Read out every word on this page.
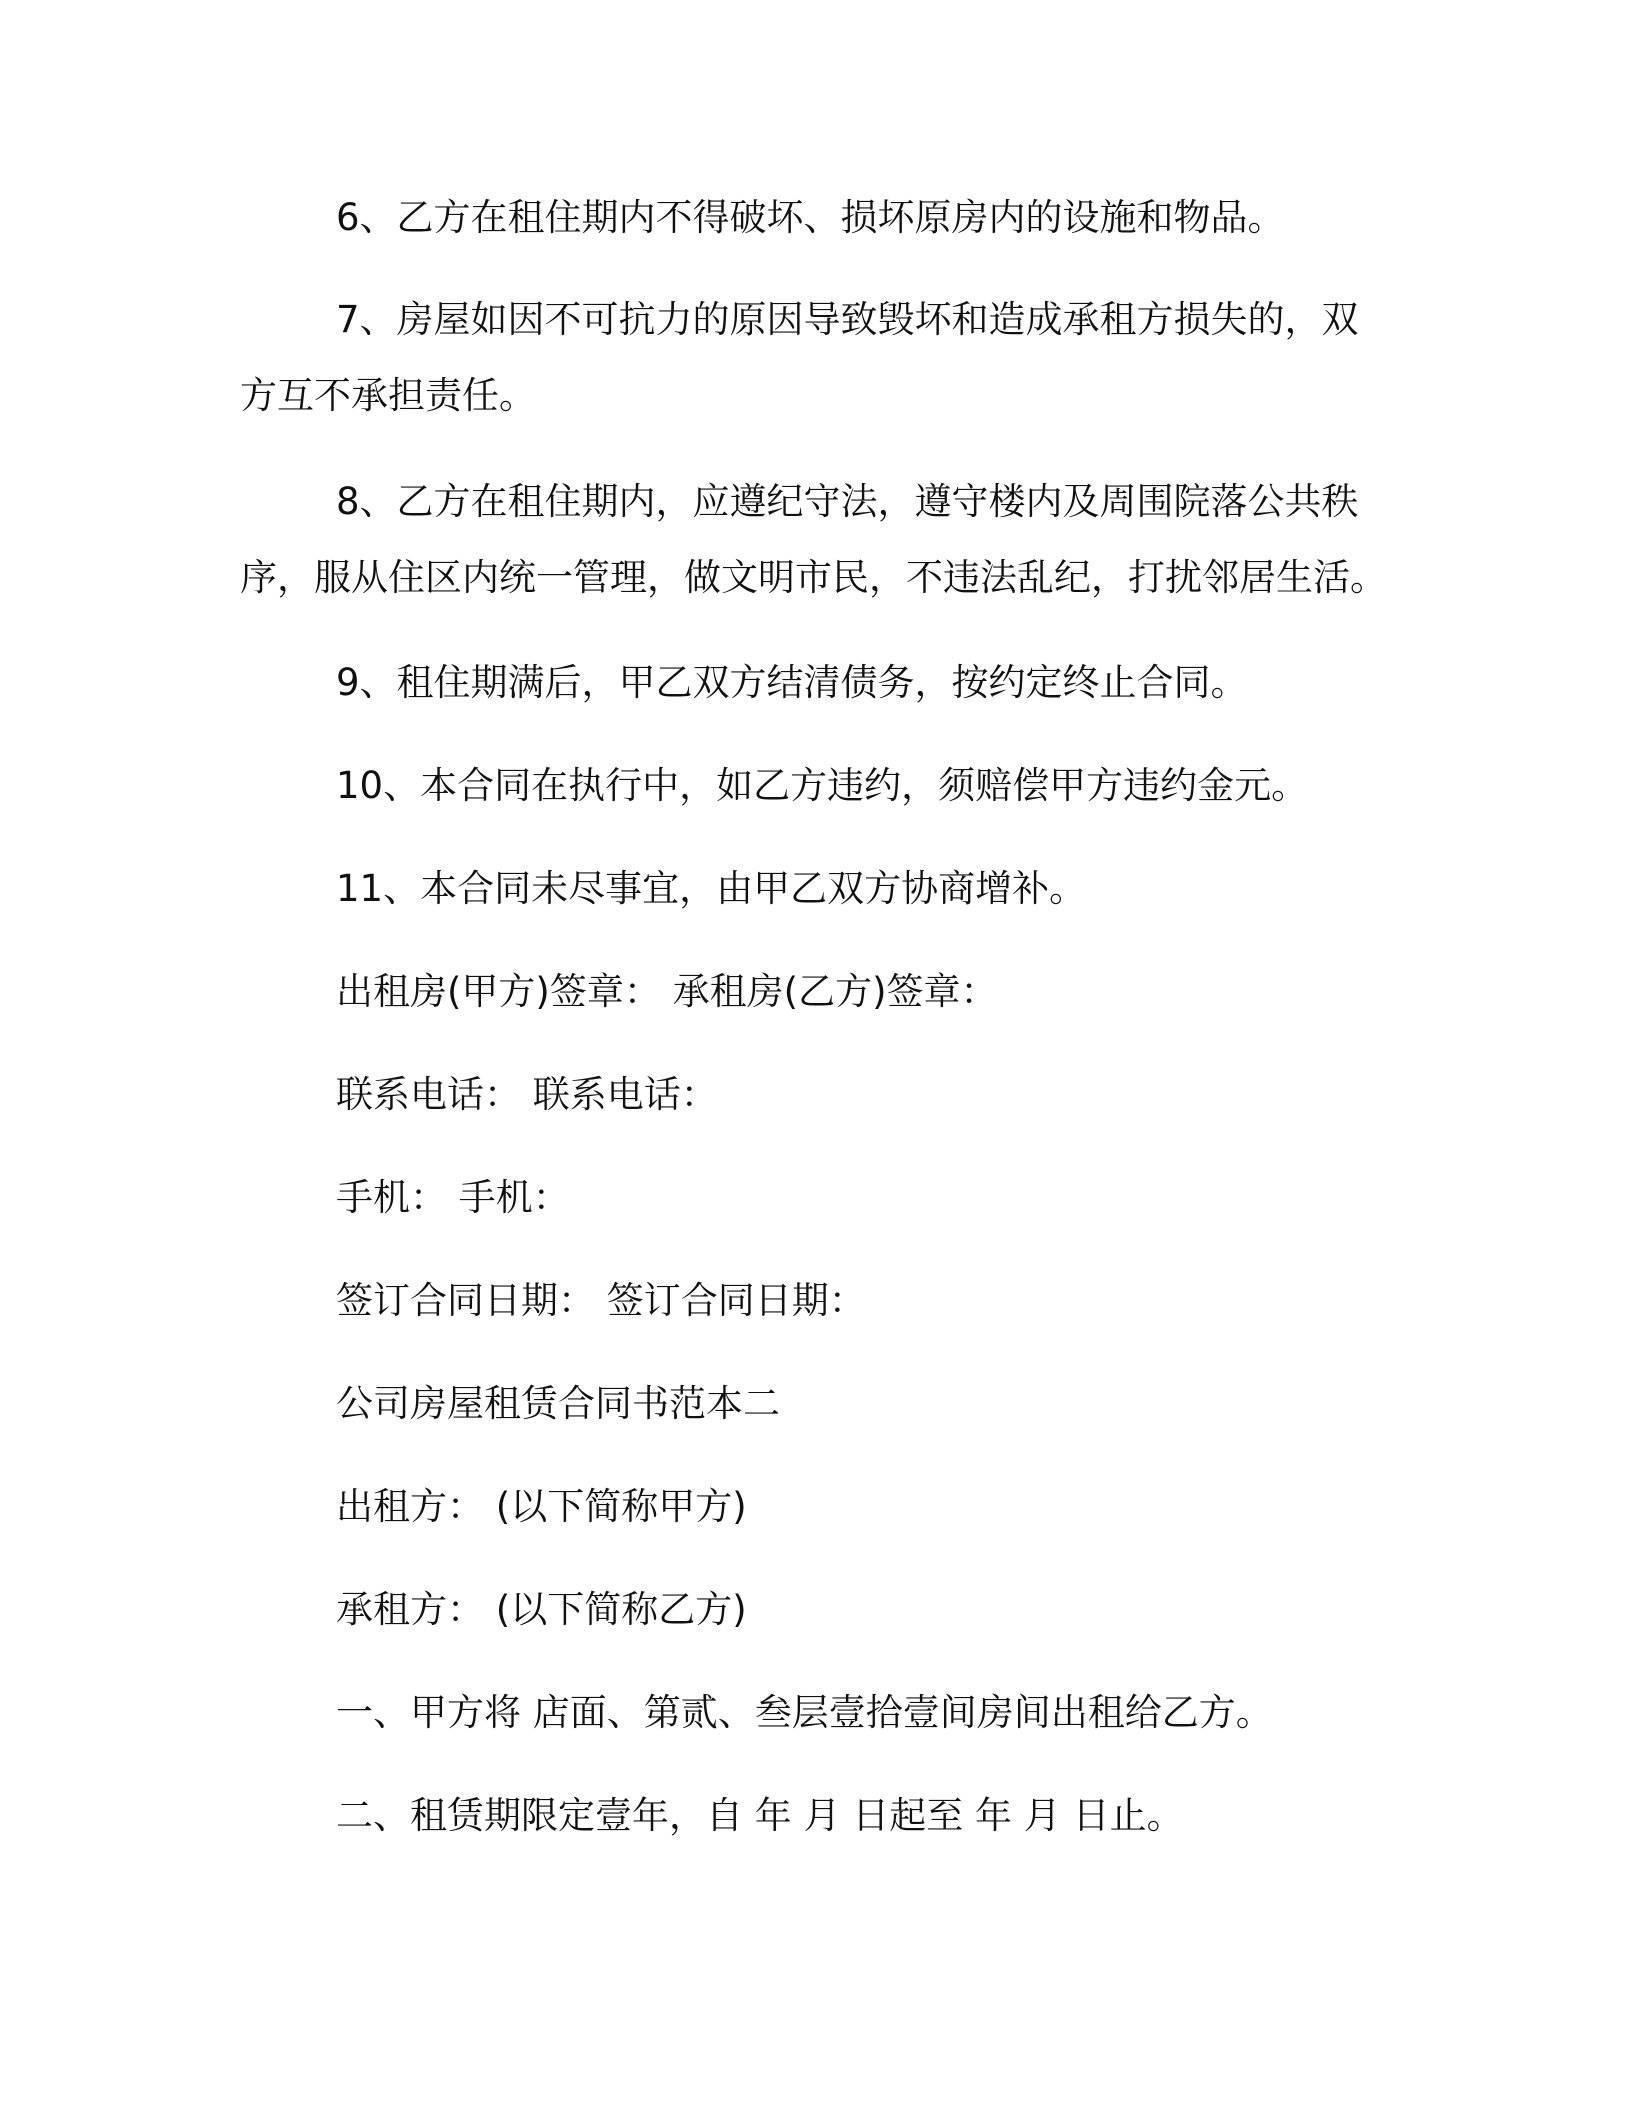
6、乙方在租住期内不得破坏、损坏原房内的设施和物品。

7、房屋如因不可抗力的原因导致毁坏和造成承租方损失的，双方互不承担责任。

8、乙方在租住期内，应遵纪守法，遵守楼内及周围院落公共秩序，服从住区内统一管理，做文明市民，不违法乱纪，打扰邻居生活。

9、租住期满后，甲乙双方结清债务，按约定终止合同。

10、本合同在执行中，如乙方违约，须赔偿甲方违约金元。

11、本合同未尽事宜，由甲乙双方协商增补。

出租房(甲方)签章： 承租房(乙方)签章：

联系电话： 联系电话：

手机： 手机：

签订合同日期： 签订合同日期：

公司房屋租赁合同书范本二

出租方： (以下简称甲方)

承租方： (以下简称乙方)

一、甲方将 店面、第贰、叁层壹拾壹间房间出租给乙方。

二、租赁期限定壹年，自 年 月 日起至 年 月 日止。
